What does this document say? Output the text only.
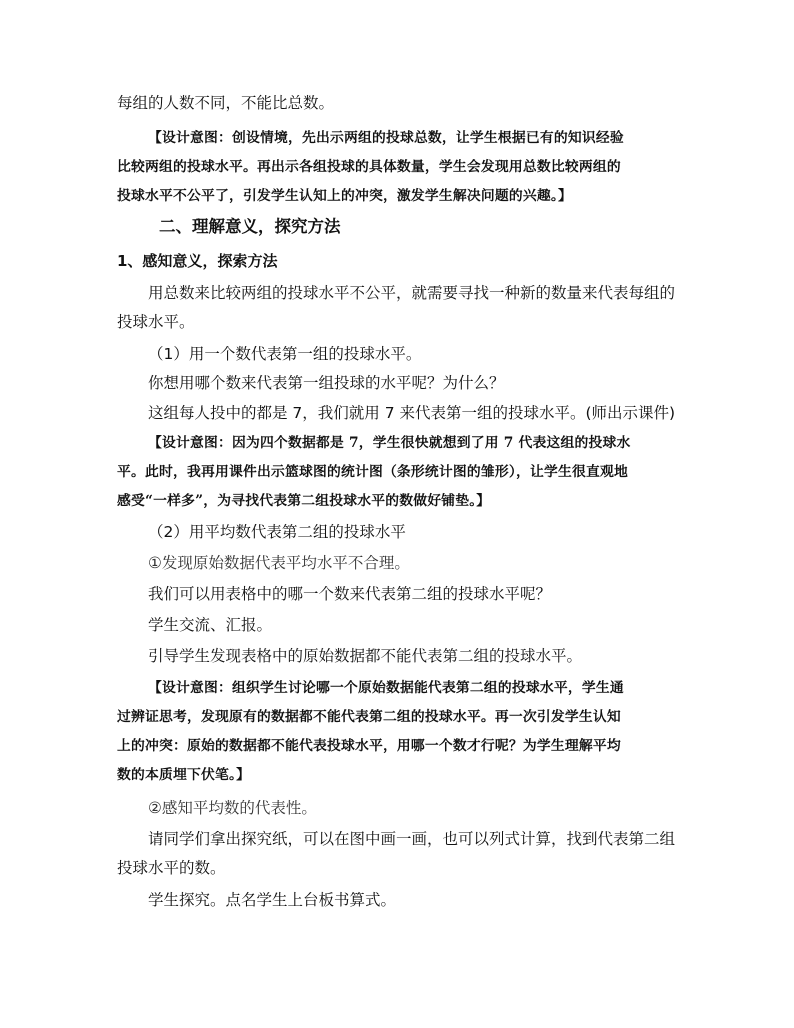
每组的人数不同，不能比总数。
【设计意图：创设情境，先出示两组的投球总数，让学生根据已有的知识经验
比较两组的投球水平。再出示各组投球的具体数量，学生会发现用总数比较两组的
投球水平不公平了，引发学生认知上的冲突，激发学生解决问题的兴趣。】
二、理解意义，探究方法
1、感知意义，探索方法
用总数来比较两组的投球水平不公平，就需要寻找一种新的数量来代表每组的
投球水平。
（1）用一个数代表第一组的投球水平。
你想用哪个数来代表第一组投球的水平呢？为什么？
这组每人投中的都是 7，我们就用 7 来代表第一组的投球水平。(师出示课件)
【设计意图：因为四个数据都是 7，学生很快就想到了用 7 代表这组的投球水
平。此时，我再用课件出示篮球图的统计图（条形统计图的雏形），让学生很直观地
感受“一样多”，为寻找代表第二组投球水平的数做好铺垫。】
（2）用平均数代表第二组的投球水平
①发现原始数据代表平均水平不合理。
我们可以用表格中的哪一个数来代表第二组的投球水平呢？
学生交流、汇报。
引导学生发现表格中的原始数据都不能代表第二组的投球水平。
【设计意图：组织学生讨论哪一个原始数据能代表第二组的投球水平，学生通
过辨证思考，发现原有的数据都不能代表第二组的投球水平。再一次引发学生认知
上的冲突：原始的数据都不能代表投球水平，用哪一个数才行呢？为学生理解平均
数的本质埋下伏笔。】
②感知平均数的代表性。
请同学们拿出探究纸，可以在图中画一画，也可以列式计算，找到代表第二组
投球水平的数。
学生探究。点名学生上台板书算式。
